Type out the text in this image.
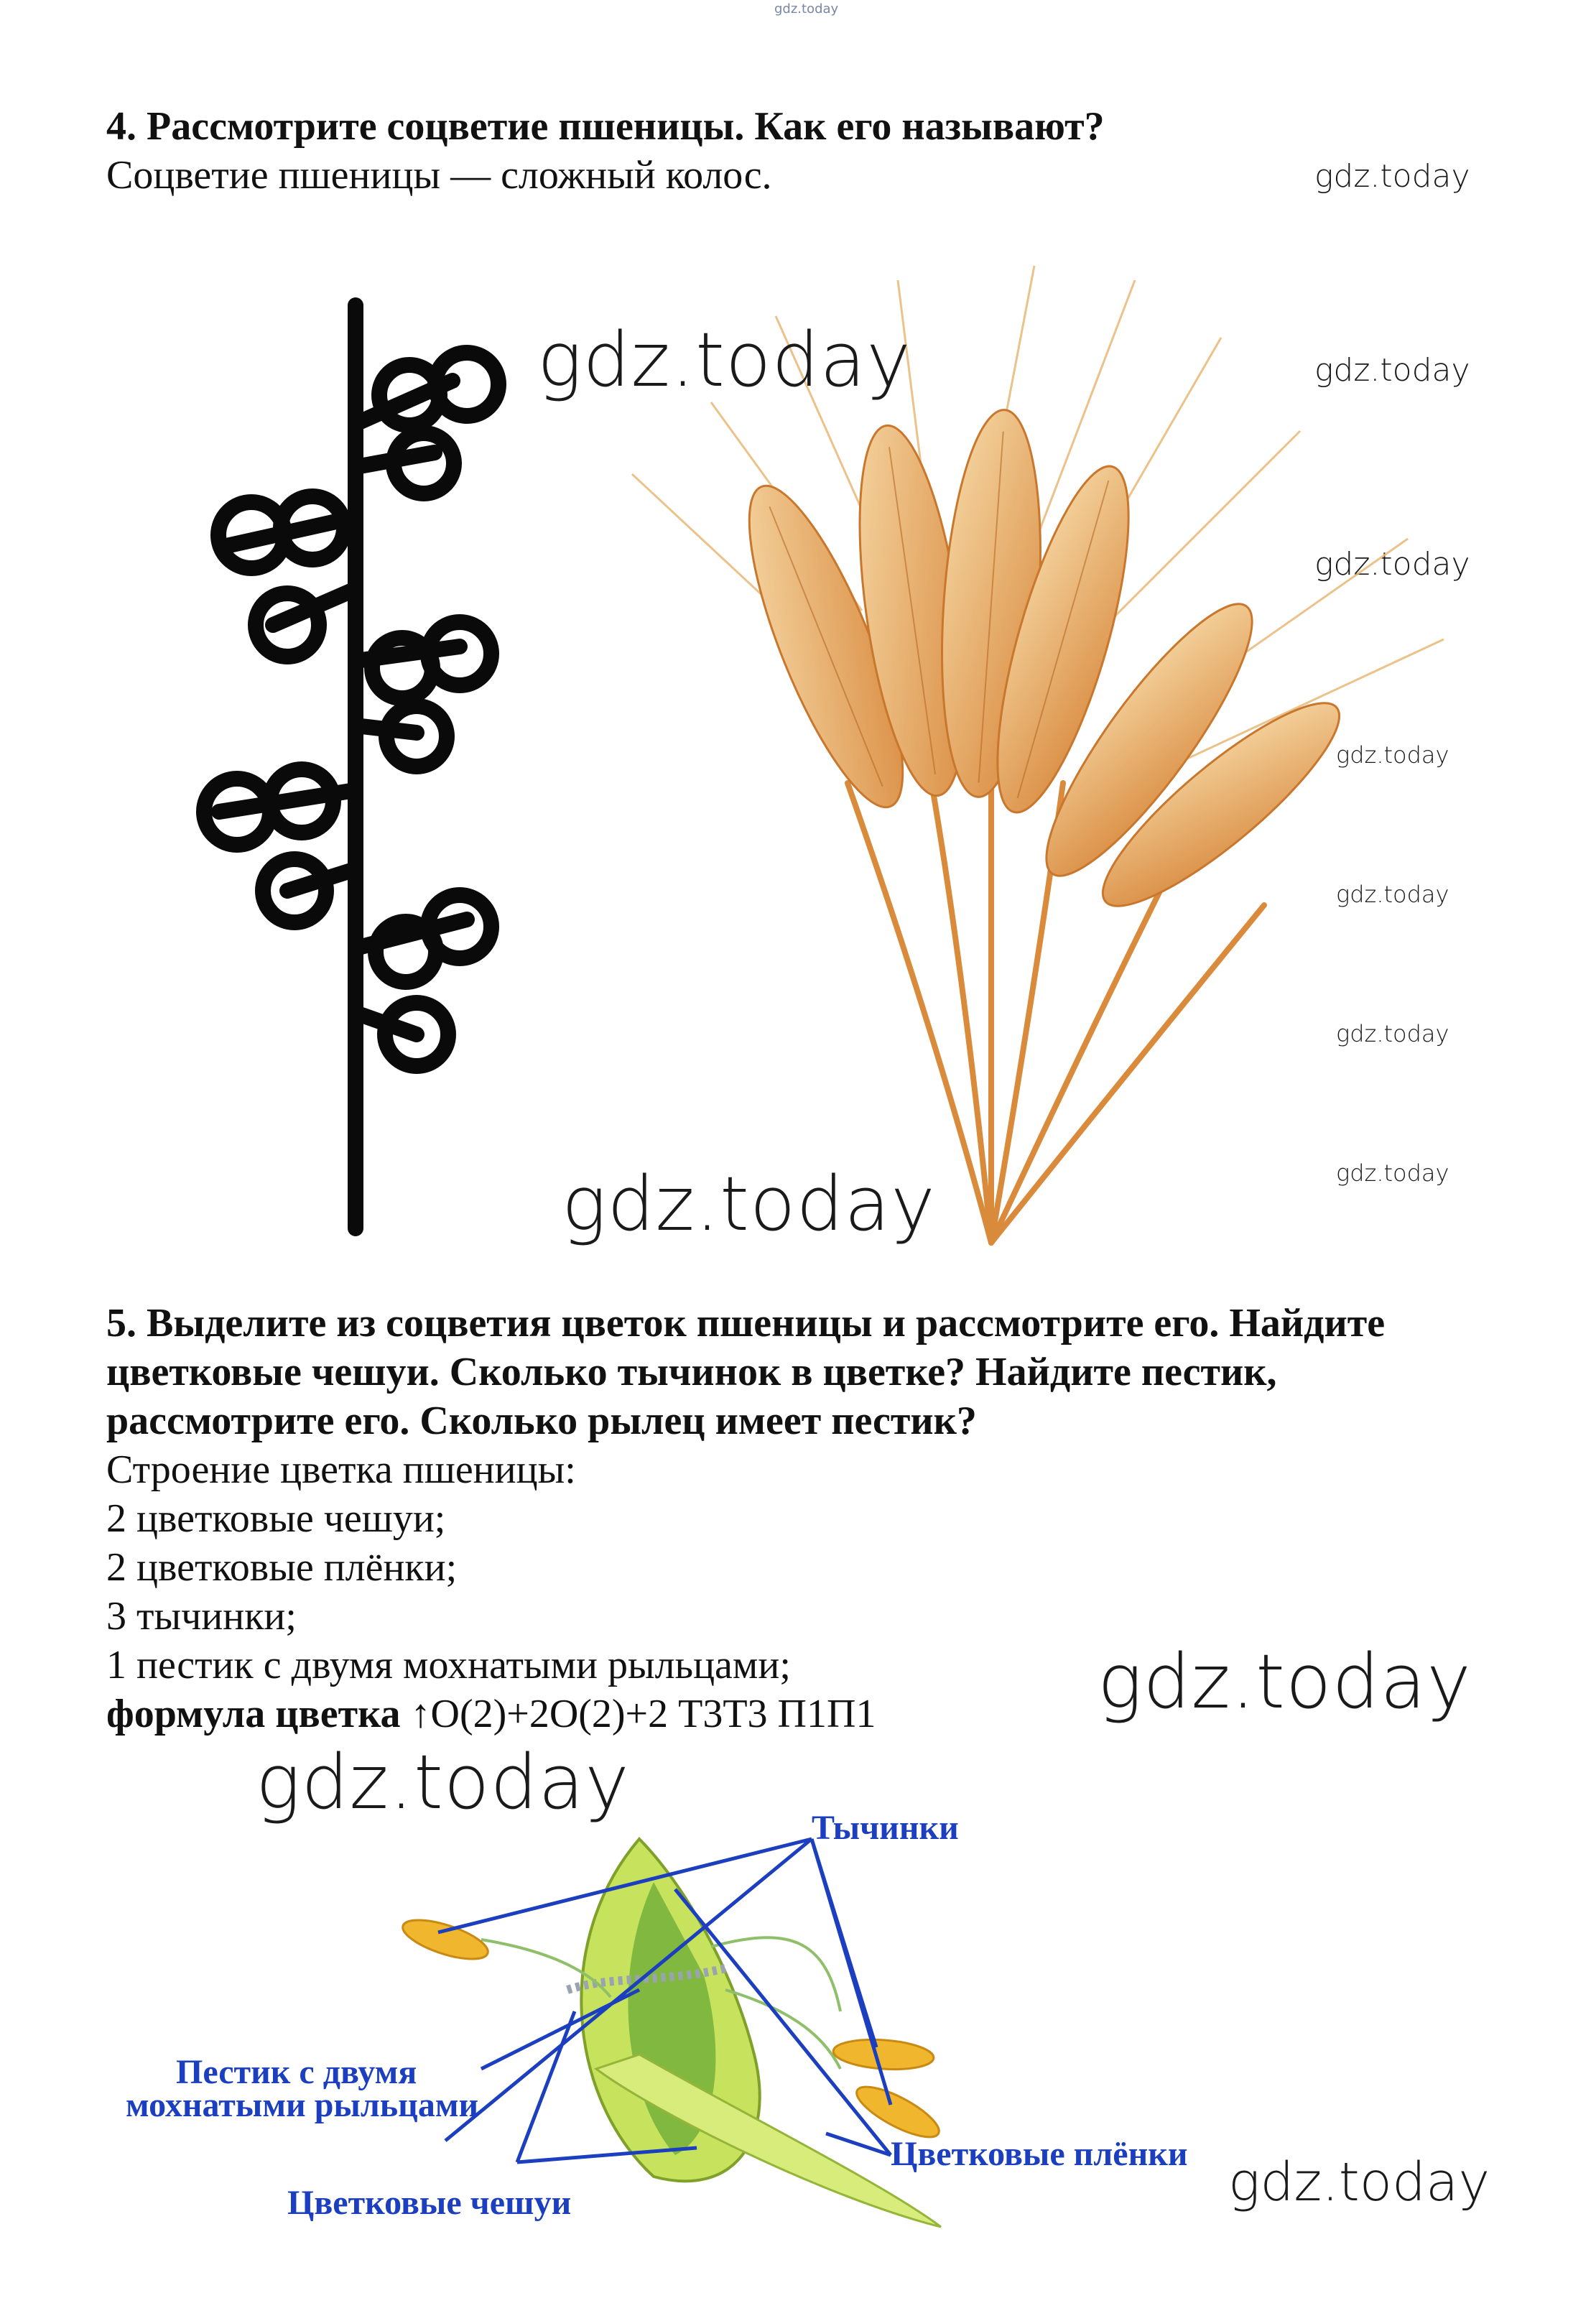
gdz.today

4. Рассмотрите соцветие пшеницы. Как его называют?

Соцветие пшеницы — сложный колос.	gdz.today
gdz.today
gdz.today
gdz.today
gdz.today
gdz.today
gdz.today
gdz.today
gdz.today

5. Выделите из соцветия цветок пшеницы и рассмотрите его. Найдите

цветковые чешуи. Сколько тычинок в цветке? Найдите пестик,

рассмотрите его. Сколько рылец имеет пестик?

Строение цветка пшеницы:

2 цветковые чешуи;

2 цветковые плёнки;

3 тычинки;

1 пестик с двумя мохнатыми рыльцами;

формула цветка ↑О(2)+2О(2)+2 Т3Т3 П1П1	gdz.today
gdz.today
Тычинки
Пестик с двумя
мохнатыми рыльцами
Цветковые плёнки
Цветковые чешуи	gdz.today
